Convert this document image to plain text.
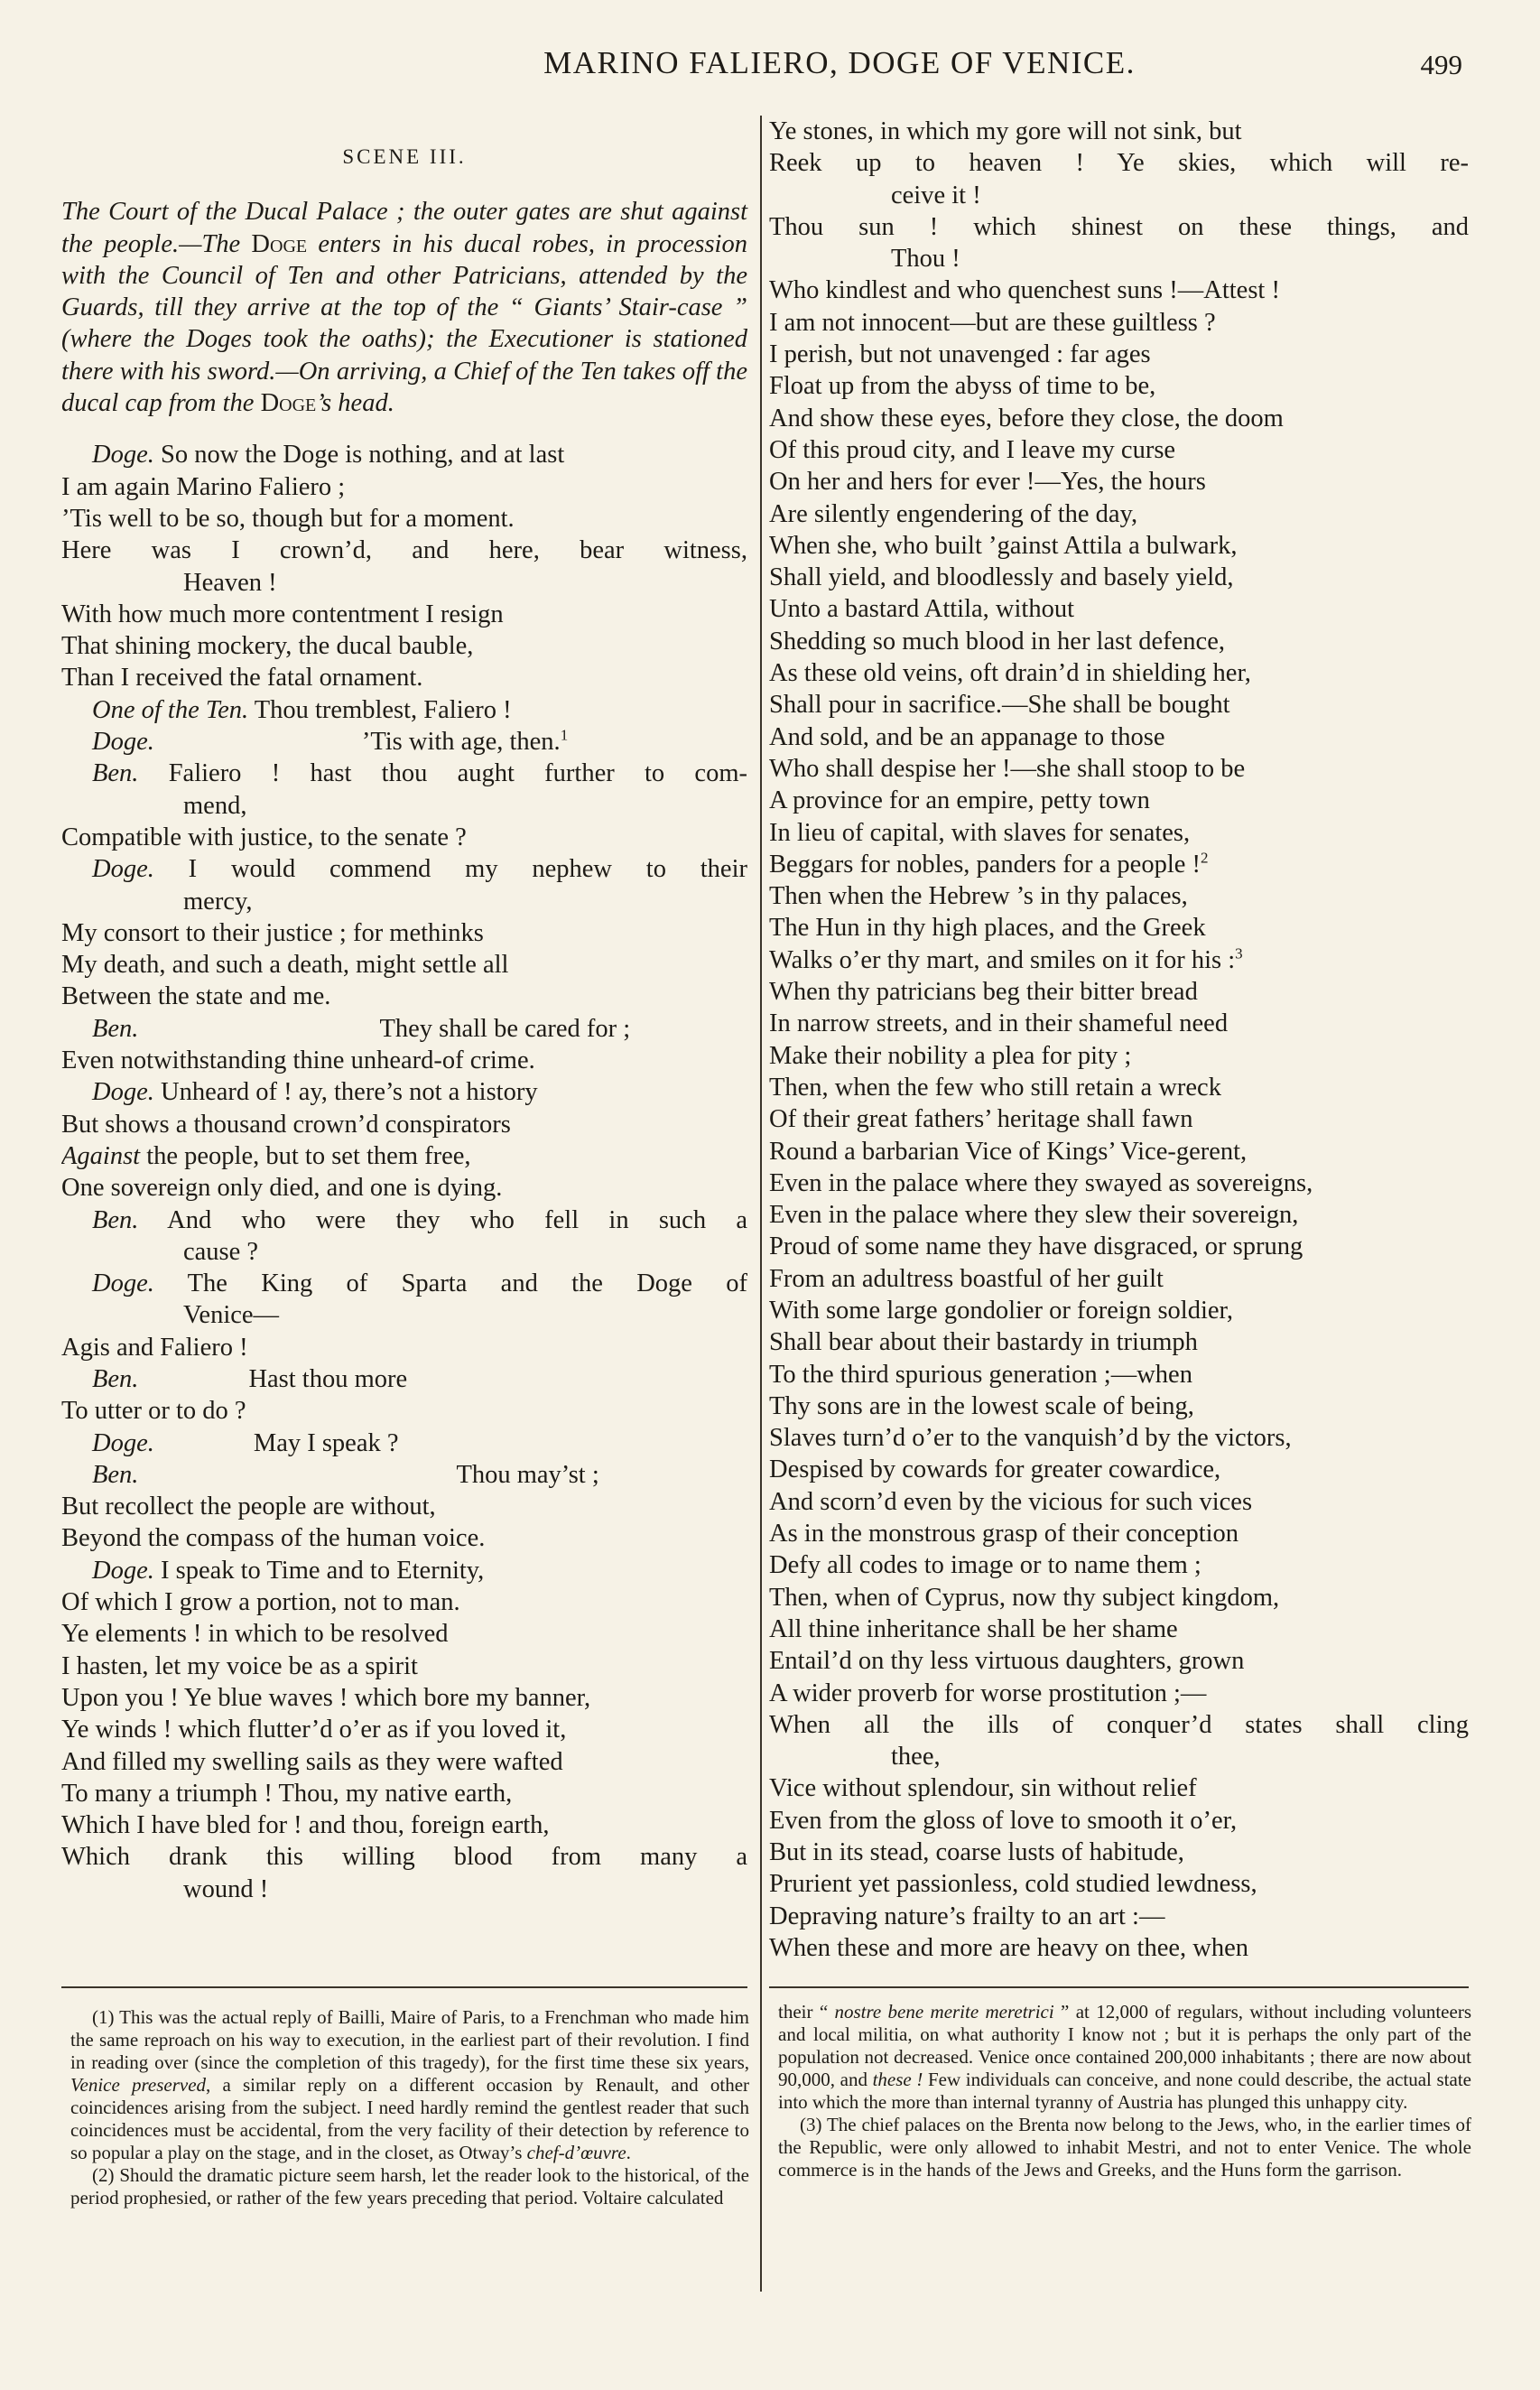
MARINO FALIERO, DOGE OF VENICE.	499
SCENE III.
The Court of the Ducal Palace ; the outer gates are shut against the people.—The Doge enters in his ducal robes, in procession with the Council of Ten and other Patricians, attended by the Guards, till they arrive at the top of the “ Giants’ Stair-case ” (where the Doges took the oaths); the Executioner is stationed there with his sword.—On arriving, a Chief of the Ten takes off the ducal cap from the Doge’s head.
Doge. So now the Doge is nothing, and at last
I am again Marino Faliero ;
’Tis well to be so, though but for a moment.
Here was I crown’d, and here, bear witness,
Heaven !
With how much more contentment I resign
That shining mockery, the ducal bauble,
Than I received the fatal ornament.
One of the Ten. Thou tremblest, Faliero !
Doge.	’Tis with age, then.$^1$
Ben. Faliero ! hast thou aught further to com-
mend,
Compatible with justice, to the senate ?
Doge. I would commend my nephew to their
mercy,
My consort to their justice ; for methinks
My death, and such a death, might settle all
Between the state and me.
Ben.	They shall be cared for ;
Even notwithstanding thine unheard-of crime.
Doge. Unheard of ! ay, there’s not a history
But shows a thousand crown’d conspirators
Against the people, but to set them free,
One sovereign only died, and one is dying.
Ben. And who were they who fell in such a
cause ?
Doge. The King of Sparta and the Doge of
Venice—
Agis and Faliero !
Ben.	Hast thou more
To utter or to do ?
Doge.	May I speak ?
Ben.	Thou may’st ;
But recollect the people are without,
Beyond the compass of the human voice.
Doge. I speak to Time and to Eternity,
Of which I grow a portion, not to man.
Ye elements ! in which to be resolved
I hasten, let my voice be as a spirit
Upon you ! Ye blue waves ! which bore my banner,
Ye winds ! which flutter’d o’er as if you loved it,
And filled my swelling sails as they were wafted
To many a triumph ! Thou, my native earth,
Which I have bled for ! and thou, foreign earth,
Which drank this willing blood from many a
wound !
Ye stones, in which my gore will not sink, but
Reek up to heaven ! Ye skies, which will re-
ceive it !
Thou sun ! which shinest on these things, and
Thou !
Who kindlest and who quenchest suns !—Attest !
I am not innocent—but are these guiltless ?
I perish, but not unavenged : far ages
Float up from the abyss of time to be,
And show these eyes, before they close, the doom
Of this proud city, and I leave my curse
On her and hers for ever !—Yes, the hours
Are silently engendering of the day,
When she, who built ’gainst Attila a bulwark,
Shall yield, and bloodlessly and basely yield,
Unto a bastard Attila, without
Shedding so much blood in her last defence,
As these old veins, oft drain’d in shielding her,
Shall pour in sacrifice.—She shall be bought
And sold, and be an appanage to those
Who shall despise her !—she shall stoop to be
A province for an empire, petty town
In lieu of capital, with slaves for senates,
Beggars for nobles, panders for a people !$^2$
Then when the Hebrew ’s in thy palaces,
The Hun in thy high places, and the Greek
Walks o’er thy mart, and smiles on it for his :$^3$
When thy patricians beg their bitter bread
In narrow streets, and in their shameful need
Make their nobility a plea for pity ;
Then, when the few who still retain a wreck
Of their great fathers’ heritage shall fawn
Round a barbarian Vice of Kings’ Vice-gerent,
Even in the palace where they swayed as sovereigns,
Even in the palace where they slew their sovereign,
Proud of some name they have disgraced, or sprung
From an adultress boastful of her guilt
With some large gondolier or foreign soldier,
Shall bear about their bastardy in triumph
To the third spurious generation ;—when
Thy sons are in the lowest scale of being,
Slaves turn’d o’er to the vanquish’d by the victors,
Despised by cowards for greater cowardice,
And scorn’d even by the vicious for such vices
As in the monstrous grasp of their conception
Defy all codes to image or to name them ;
Then, when of Cyprus, now thy subject kingdom,
All thine inheritance shall be her shame
Entail’d on thy less virtuous daughters, grown
A wider proverb for worse prostitution ;—
When all the ills of conquer’d states shall cling
thee,
Vice without splendour, sin without relief
Even from the gloss of love to smooth it o’er,
But in its stead, coarse lusts of habitude,
Prurient yet passionless, cold studied lewdness,
Depraving nature’s frailty to an art :—
When these and more are heavy on thee, when

(1) This was the actual reply of Bailli, Maire of Paris, to a Frenchman who made him the same reproach on his way to execution, in the earliest part of their revolution. I find in reading over (since the completion of this tragedy), for the first time these six years, Venice preserved, a similar reply on a different occasion by Renault, and other coincidences arising from the subject. I need hardly remind the gentlest reader that such coincidences must be accidental, from the very facility of their detection by reference to so popular a play on the stage, and in the closet, as Otway’s chef-d’œuvre.

(2) Should the dramatic picture seem harsh, let the reader look to the historical, of the period prophesied, or rather of the few years preceding that period. Voltaire calculated

their “ nostre bene merite meretrici ” at 12,000 of regulars, without including volunteers and local militia, on what authority I know not ; but it is perhaps the only part of the population not decreased. Venice once contained 200,000 inhabitants ; there are now about 90,000, and these ! Few individuals can conceive, and none could describe, the actual state into which the more than internal tyranny of Austria has plunged this unhappy city.

(3) The chief palaces on the Brenta now belong to the Jews, who, in the earlier times of the Republic, were only allowed to inhabit Mestri, and not to enter Venice. The whole commerce is in the hands of the Jews and Greeks, and the Huns form the garrison.
